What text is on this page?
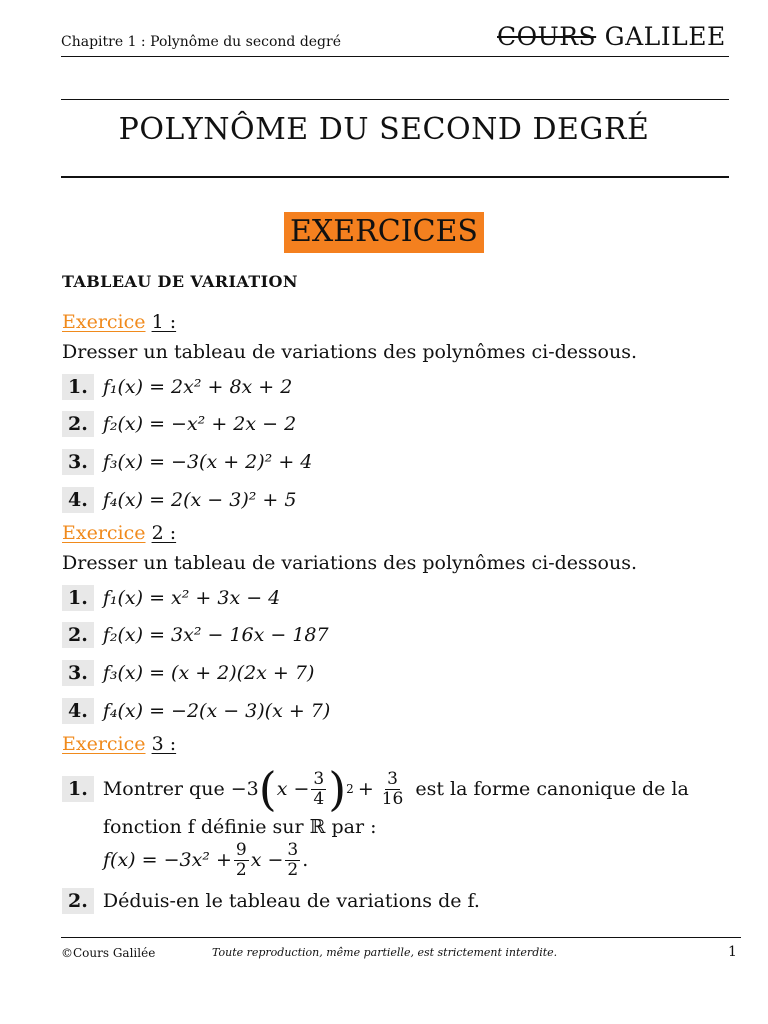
Chapitre 1 : Polynôme du second degré	COURS GALILEE
POLYNÔME DU SECOND DEGRÉ
EXERCICES
TABLEAU DE VARIATION
Exercice 1 :
Dresser un tableau de variations des polynômes ci-dessous.
1. f₁(x) = 2x² + 8x + 2
2. f₂(x) = −x² + 2x − 2
3. f₃(x) = −3(x + 2)² + 4
4. f₄(x) = 2(x − 3)² + 5
Exercice 2 :
Dresser un tableau de variations des polynômes ci-dessous.
1. f₁(x) = x² + 3x − 4
2. f₂(x) = 3x² − 16x − 187
3. f₃(x) = (x + 2)(2x + 7)
4. f₄(x) = −2(x − 3)(x + 7)
Exercice 3 :
1. Montrer que −3 ( $x - \frac{3}{4}$ ) $2 + \frac{3}{16}$ est la forme canonique de la
fonction f définie sur ℝ par :
$f(x) = -3x^2 + \frac{9}{2}$ $x - \frac{3}{2}$ .
2. Déduis-en le tableau de variations de f.
©Cours Galilée	Toute reproduction, même partielle, est strictement interdite.	1
